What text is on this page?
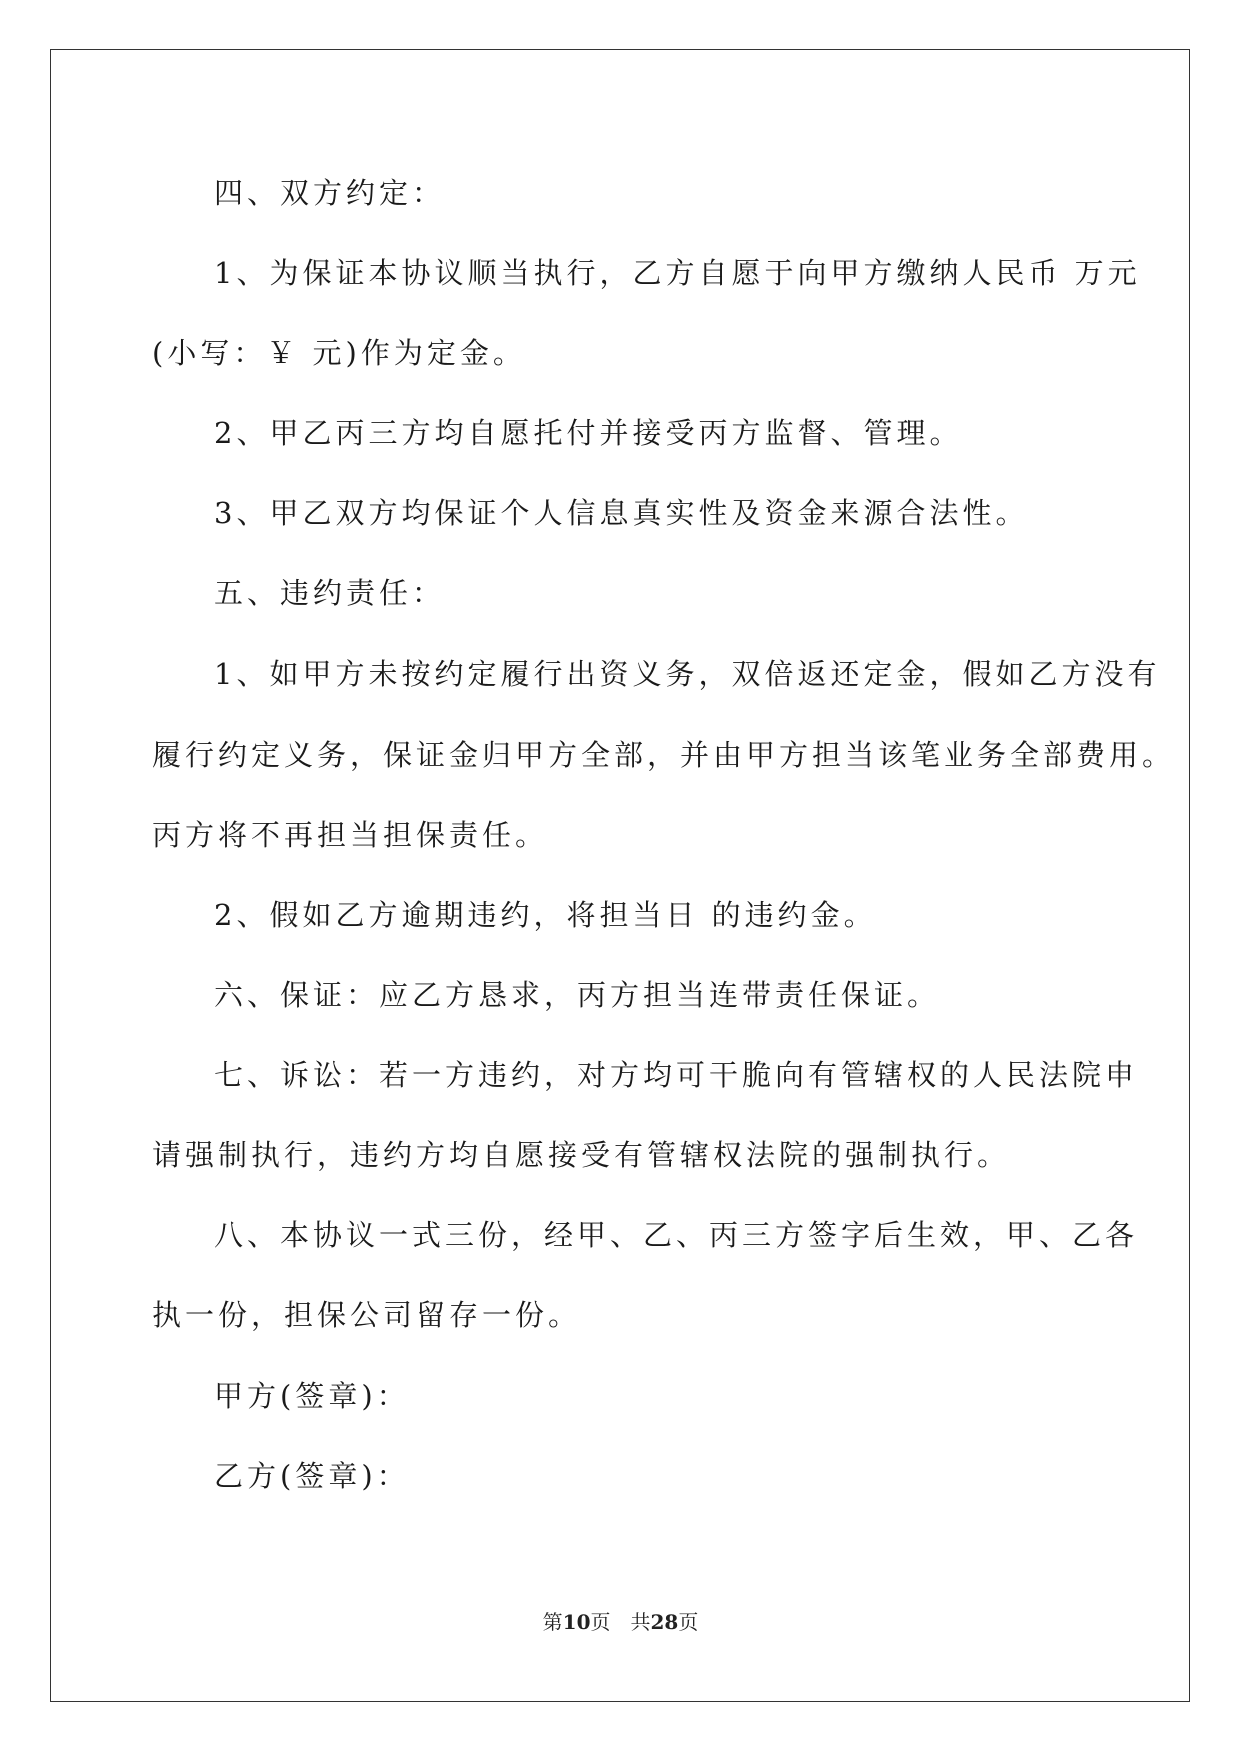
四、双方约定：
1、为保证本协议顺当执行，乙方自愿于向甲方缴纳人民币 万元
(小写：￥ 元)作为定金。
2、甲乙丙三方均自愿托付并接受丙方监督、管理。
3、甲乙双方均保证个人信息真实性及资金来源合法性。
五、违约责任：
1、如甲方未按约定履行出资义务，双倍返还定金，假如乙方没有
履行约定义务，保证金归甲方全部，并由甲方担当该笔业务全部费用。
丙方将不再担当担保责任。
2、假如乙方逾期违约，将担当日 的违约金。
六、保证：应乙方恳求，丙方担当连带责任保证。
七、诉讼：若一方违约，对方均可干脆向有管辖权的人民法院申
请强制执行，违约方均自愿接受有管辖权法院的强制执行。
八、本协议一式三份，经甲、乙、丙三方签字后生效，甲、乙各
执一份，担保公司留存一份。
甲方(签章)：
乙方(签章)：
第10页 共28页
